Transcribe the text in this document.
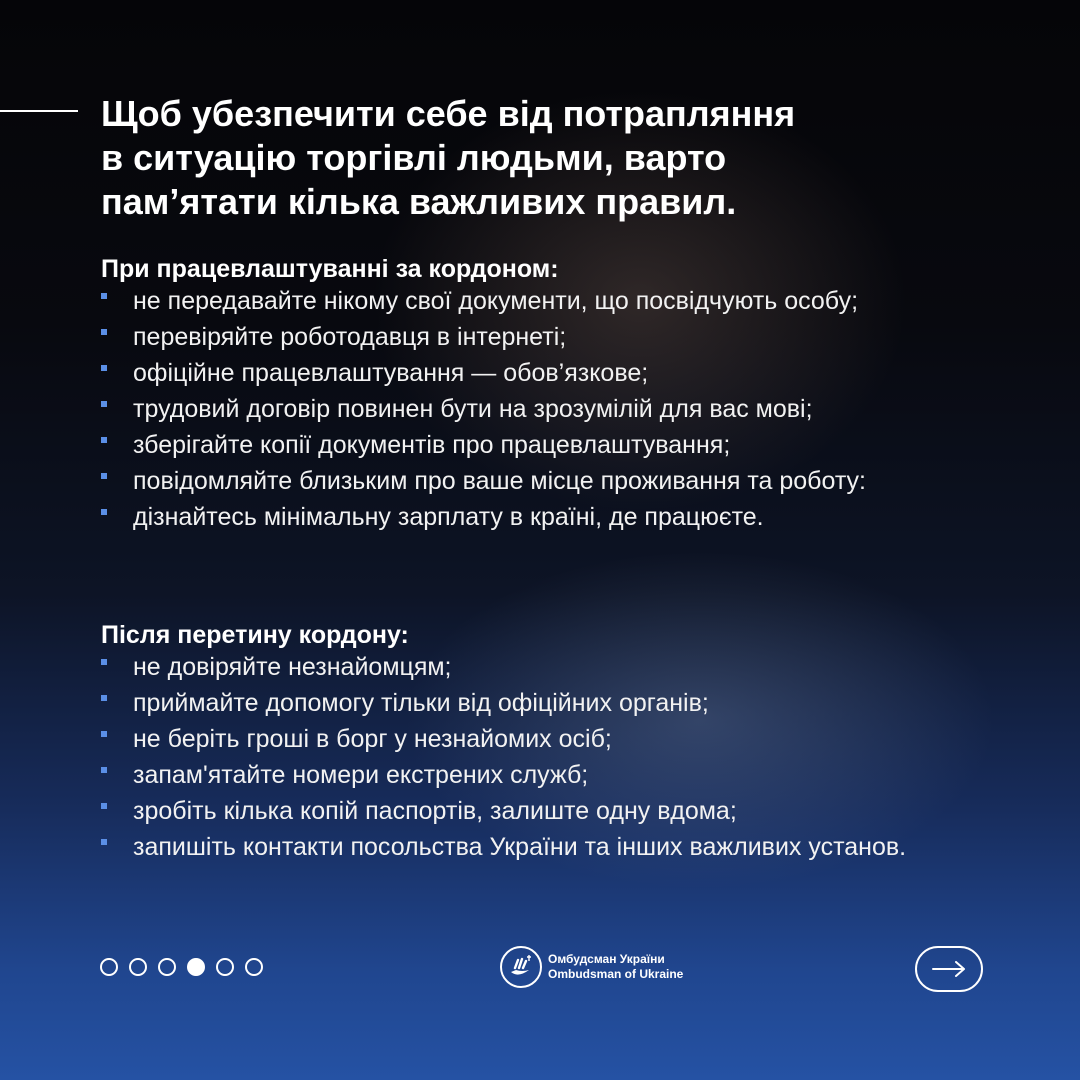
Щоб убезпечити себе від потрапляння
в ситуацію торгівлі людьми, варто
пам’ятати кілька важливих правил.
При працевлаштуванні за кордоном:
не передавайте нікому свої документи, що посвідчують особу;
перевіряйте роботодавця в інтернеті;
офіційне працевлаштування — обов’язкове;
трудовий договір повинен бути на зрозумілій для вас мові;
зберігайте копії документів про працевлаштування;
повідомляйте близьким про ваше місце проживання та роботу:
дізнайтесь мінімальну зарплату в країні, де працюєте.
Після перетину кордону:
не довіряйте незнайомцям;
приймайте допомогу тільки від офіційних органів;
не беріть гроші в борг у незнайомих осіб;
запам'ятайте номери екстрених служб;
зробіть кілька копій паспортів, залиште одну вдома;
запишіть контакти посольства України та інших важливих установ.
Омбудсман України
Ombudsman of Ukraine
